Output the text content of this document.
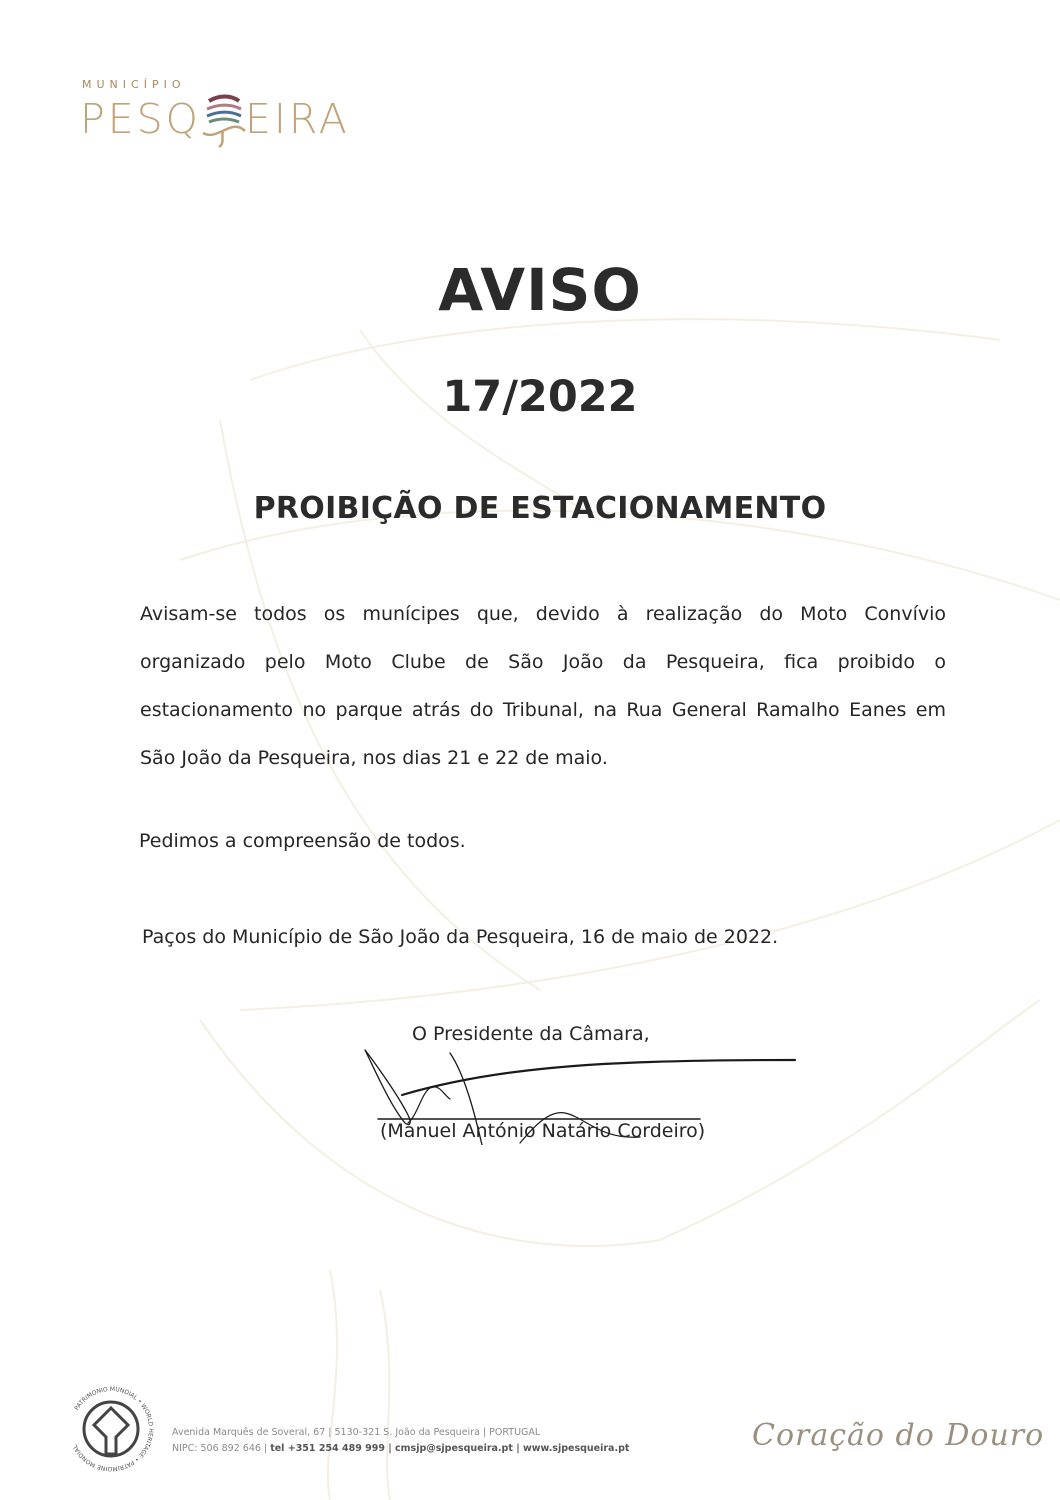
MUNICÍPIO
PESQ EIRA
AVISO
17/2022
PROIBIÇÃO DE ESTACIONAMENTO
Avisam-se todos os munícipes que, devido à realização do Moto Convívio organizado pelo Moto Clube de São João da Pesqueira, fica proibido o estacionamento no parque atrás do Tribunal, na Rua General Ramalho Eanes em São João da Pesqueira, nos dias 21 e 22 de maio.
Pedimos a compreensão de todos.
Paços do Município de São João da Pesqueira, 16 de maio de 2022.
O Presidente da Câmara,
(Manuel António Natário Cordeiro)
PATRIMONIO MUNDIAL • WORLD HERITAGE • PATRIMOINE MONDIAL
Avenida Marquês de Soveral, 67 | 5130-321 S. João da Pesqueira | PORTUGAL
NIPC: 506 892 646 | tel +351 254 489 999 | cmsjp@sjpesqueira.pt | www.sjpesqueira.pt	Coração do Douro
